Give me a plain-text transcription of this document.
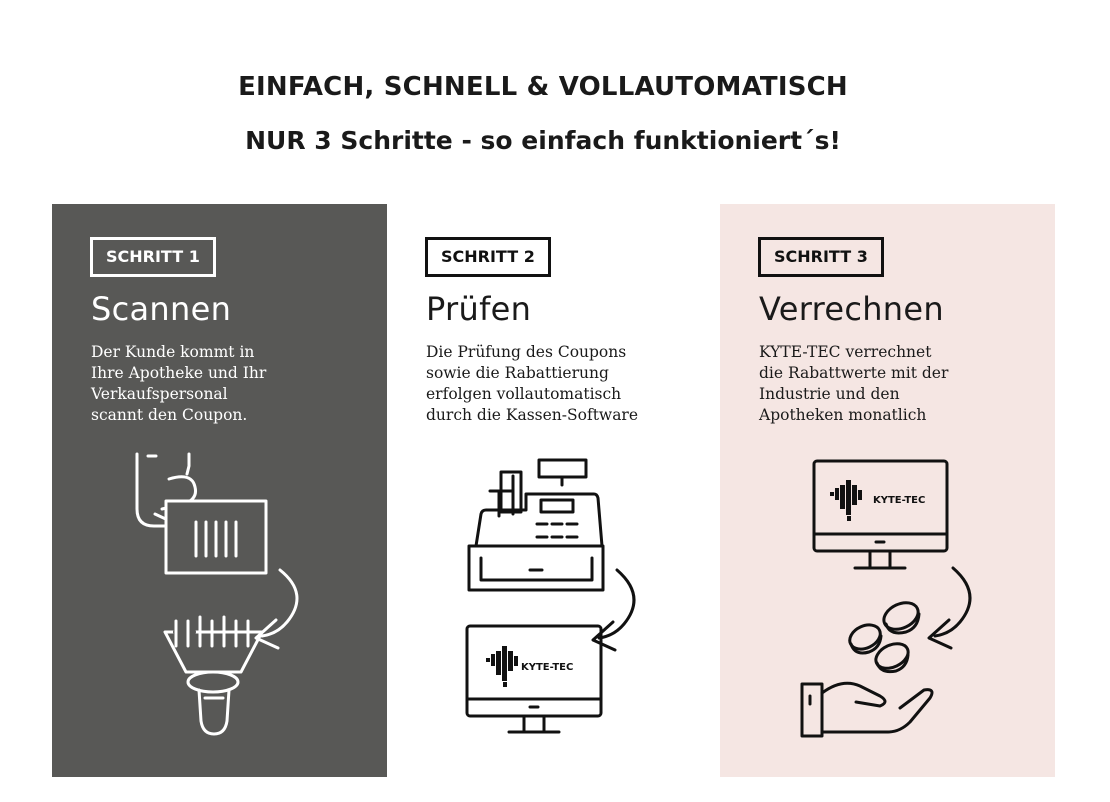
EINFACH, SCHNELL & VOLLAUTOMATISCH
NUR 3 Schritte - so einfach funktioniert´s!
SCHRITT 1
Scannen
Der Kunde kommt in
Ihre Apotheke und Ihr
Verkaufspersonal
scannt den Coupon.
SCHRITT 2
Prüfen
Die Prüfung des Coupons
sowie die Rabattierung
erfolgen vollautomatisch
durch die Kassen-Software
KYTE-TEC
SCHRITT 3
Verrechnen
KYTE-TEC verrechnet
die Rabattwerte mit der
Industrie und den
Apotheken monatlich
KYTE-TEC
